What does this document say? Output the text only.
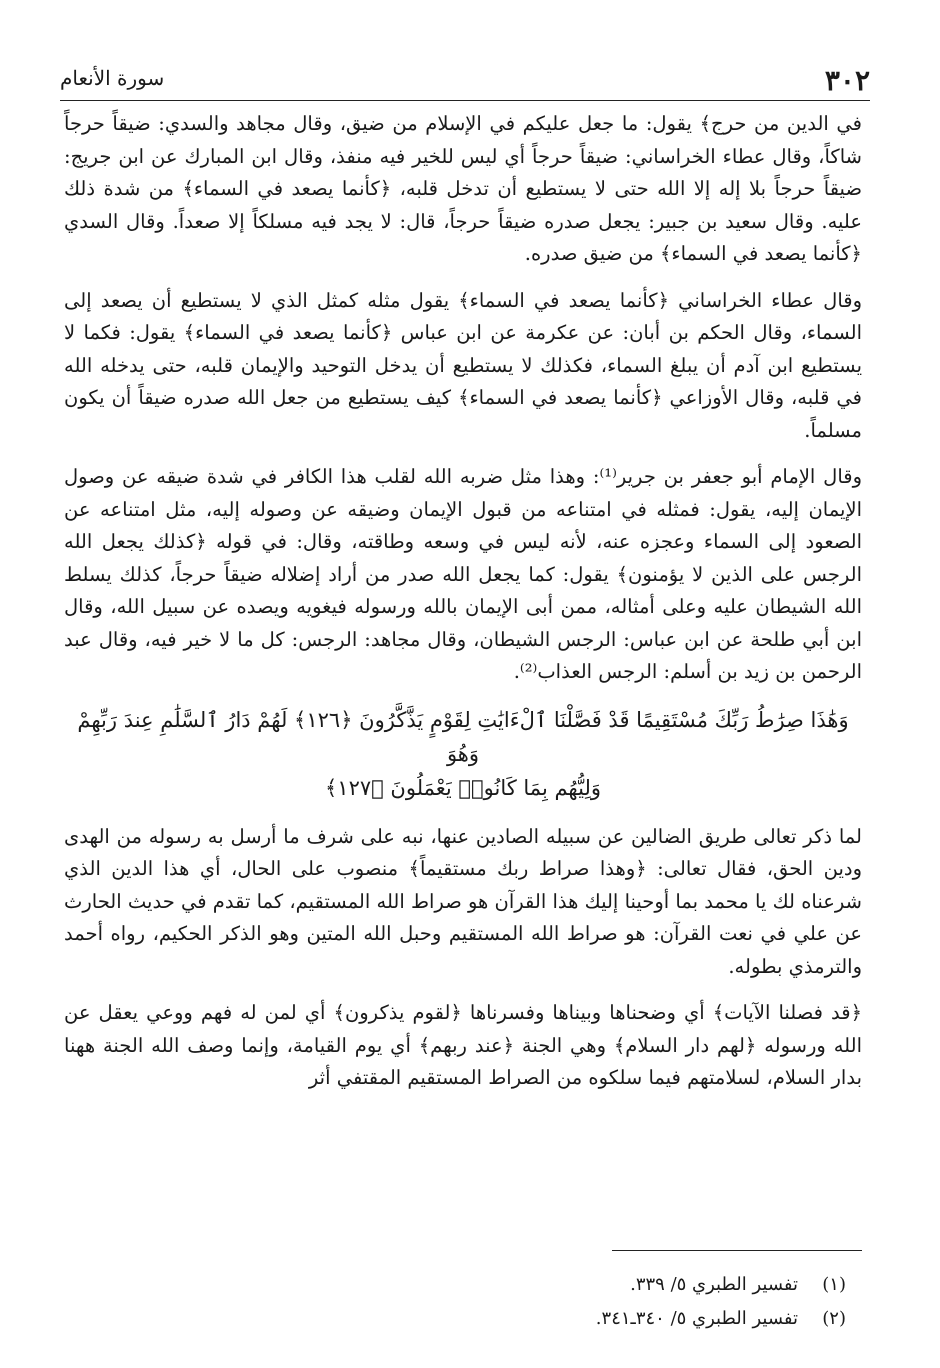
٣٠٢
سورة الأنعام

في الدين من حرج﴾ يقول: ما جعل عليكم في الإسلام من ضيق، وقال مجاهد والسدي: ضيقاً حرجاً شاكاً، وقال عطاء الخراساني: ضيقاً حرجاً أي ليس للخير فيه منفذ، وقال ابن المبارك عن ابن جريج: ضيقاً حرجاً بلا إله إلا الله حتى لا يستطيع أن تدخل قلبه، ﴿كأنما يصعد في السماء﴾ من شدة ذلك عليه. وقال سعيد بن جبير: يجعل صدره ضيقاً حرجاً، قال: لا يجد فيه مسلكاً إلا صعداً. وقال السدي ﴿كأنما يصعد في السماء﴾ من ضيق صدره.

وقال عطاء الخراساني ﴿كأنما يصعد في السماء﴾ يقول مثله كمثل الذي لا يستطيع أن يصعد إلى السماء، وقال الحكم بن أبان: عن عكرمة عن ابن عباس ﴿كأنما يصعد في السماء﴾ يقول: فكما لا يستطيع ابن آدم أن يبلغ السماء، فكذلك لا يستطيع أن يدخل التوحيد والإيمان قلبه، حتى يدخله الله في قلبه، وقال الأوزاعي ﴿كأنما يصعد في السماء﴾ كيف يستطيع من جعل الله صدره ضيقاً أن يكون مسلماً.

وقال الإمام أبو جعفر بن جرير⁽¹⁾: وهذا مثل ضربه الله لقلب هذا الكافر في شدة ضيقه عن وصول الإيمان إليه، يقول: فمثله في امتناعه من قبول الإيمان وضيقه عن وصوله إليه، مثل امتناعه عن الصعود إلى السماء وعجزه عنه، لأنه ليس في وسعه وطاقته، وقال: في قوله ﴿كذلك يجعل الله الرجس على الذين لا يؤمنون﴾ يقول: كما يجعل الله صدر من أراد إضلاله ضيقاً حرجاً، كذلك يسلط الله الشيطان عليه وعلى أمثاله، ممن أبى الإيمان بالله ورسوله فيغويه ويصده عن سبيل الله، وقال ابن أبي طلحة عن ابن عباس: الرجس الشيطان، وقال مجاهد: الرجس: كل ما لا خير فيه، وقال عبد الرحمن بن زيد بن أسلم: الرجس العذاب⁽²⁾.

وَهَٰذَا صِرَٰطُ رَبِّكَ مُسْتَقِيمًا قَدْ فَصَّلْنَا ٱلْءَايَٰتِ لِقَوْمٍ يَذَّكَّرُونَ ﴿١٢٦﴾ لَهُمْ دَارُ ٱلسَّلَٰمِ عِندَ رَبِّهِمْ وَهُوَ
وَلِيُّهُم بِمَا كَانُوا۟ يَعْمَلُونَ ﴿١٢٧﴾

لما ذكر تعالى طريق الضالين عن سبيله الصادين عنها، نبه على شرف ما أرسل به رسوله من الهدى ودين الحق، فقال تعالى: ﴿وهذا صراط ربك مستقيماً﴾ منصوب على الحال، أي هذا الدين الذي شرعناه لك يا محمد بما أوحينا إليك هذا القرآن هو صراط الله المستقيم، كما تقدم في حديث الحارث عن علي في نعت القرآن: هو صراط الله المستقيم وحبل الله المتين وهو الذكر الحكيم، رواه أحمد والترمذي بطوله.

﴿قد فصلنا الآيات﴾ أي وضحناها وبيناها وفسرناها ﴿لقوم يذكرون﴾ أي لمن له فهم ووعي يعقل عن الله ورسوله ﴿لهم دار السلام﴾ وهي الجنة ﴿عند ربهم﴾ أي يوم القيامة، وإنما وصف الله الجنة ههنا بدار السلام، لسلامتهم فيما سلكوه من الصراط المستقيم المقتفي أثر

(١)
تفسير الطبري ٥/ ٣٣٩.
(٢)
تفسير الطبري ٥/ ٣٤٠ـ٣٤١.
